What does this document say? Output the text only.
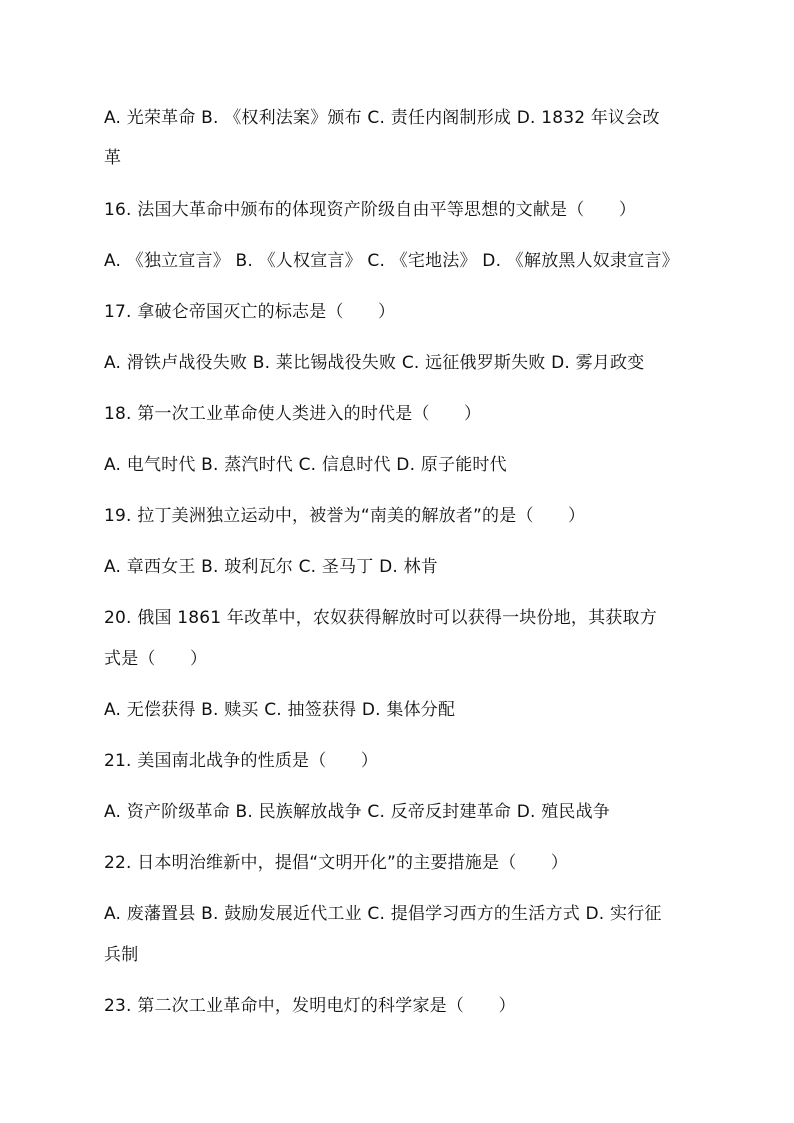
A. 光荣革命 B. 《权利法案》颁布 C. 责任内阁制形成 D. 1832 年议会改
革
16. 法国大革命中颁布的体现资产阶级自由平等思想的文献是（　　）
A. 《独立宣言》 B. 《人权宣言》 C. 《宅地法》 D. 《解放黑人奴隶宣言》
17. 拿破仑帝国灭亡的标志是（　　）
A. 滑铁卢战役失败 B. 莱比锡战役失败 C. 远征俄罗斯失败 D. 雾月政变
18. 第一次工业革命使人类进入的时代是（　　）
A. 电气时代 B. 蒸汽时代 C. 信息时代 D. 原子能时代
19. 拉丁美洲独立运动中，被誉为“南美的解放者”的是（　　）
A. 章西女王 B. 玻利瓦尔 C. 圣马丁 D. 林肯
20. 俄国 1861 年改革中，农奴获得解放时可以获得一块份地，其获取方
式是（　　）
A. 无偿获得 B. 赎买 C. 抽签获得 D. 集体分配
21. 美国南北战争的性质是（　　）
A. 资产阶级革命 B. 民族解放战争 C. 反帝反封建革命 D. 殖民战争
22. 日本明治维新中，提倡“文明开化”的主要措施是（　　）
A. 废藩置县 B. 鼓励发展近代工业 C. 提倡学习西方的生活方式 D. 实行征
兵制
23. 第二次工业革命中，发明电灯的科学家是（　　）
